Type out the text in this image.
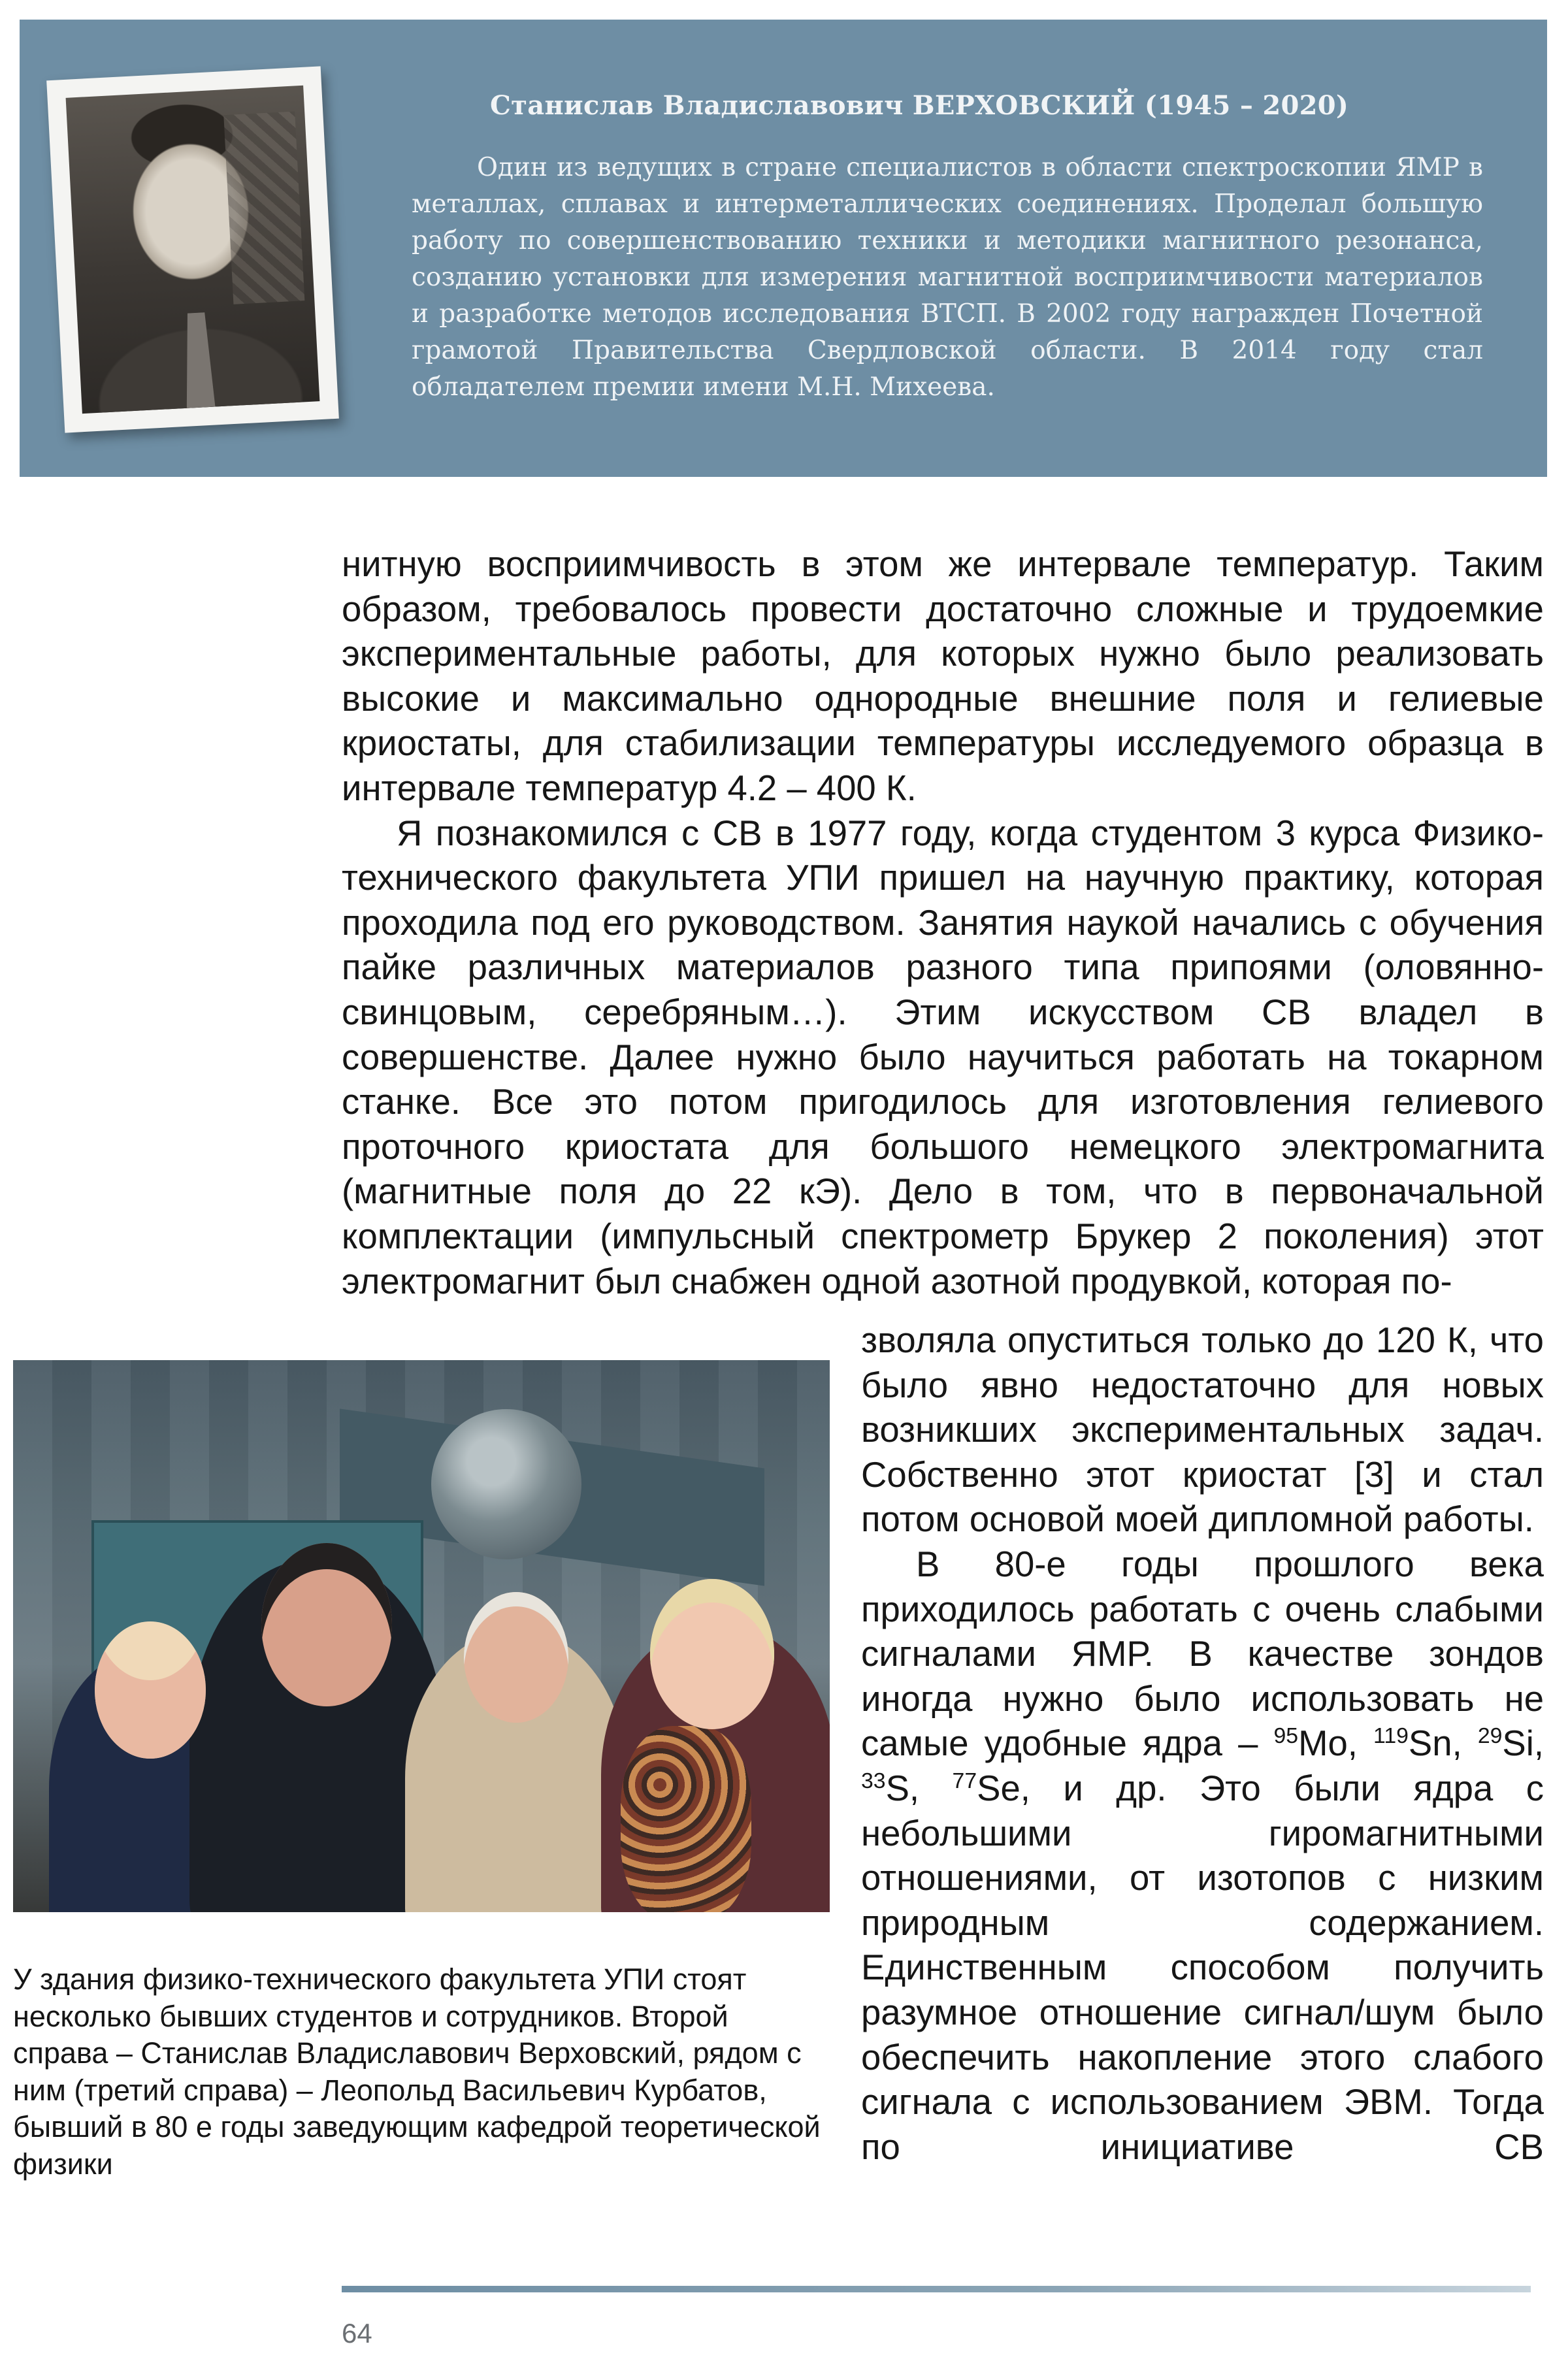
Станислав Владиславович ВЕРХОВСКИЙ (1945 – 2020)

Один из ведущих в стране специалистов в области спектроскопии ЯМР в металлах, сплавах и интерметаллических соединениях. Проделал большую работу по совершенствованию техники и методики магнитного резонанса, созданию установки для измерения магнитной восприимчивости материалов и разработке методов исследования ВТСП. В 2002 году награжден Почетной грамотой Правительства Свердловской области. В 2014 году стал обладателем премии имени М.Н. Михеева.

нитную восприимчивость в этом же интервале температур. Таким образом, требовалось провести достаточно сложные и трудоемкие экспериментальные работы, для которых нужно было реализовать высокие и максимально однородные внешние поля и гелиевые криостаты, для стабилизации температуры исследуемого образца в интервале температур 4.2 – 400 К.

Я познакомился с СВ в 1977 году, когда студентом 3 курса Физико-технического факультета УПИ пришел на научную практику, которая проходила под его руководством. Занятия наукой начались с обучения пайке различных материалов разного типа припоями (оловянно-свинцовым, серебряным…). Этим искусством СВ владел в совершенстве. Далее нужно было научиться работать на токарном станке. Все это потом пригодилось для изготовления гелиевого проточного криостата для большого немецкого электромагнита (магнитные поля до 22 кЭ). Дело в том, что в первоначальной комплектации (импульсный спектрометр Брукер 2 поколения) этот электромагнит был снабжен одной азотной продувкой, которая по-

У здания физико-технического факультета УПИ стоят несколько бывших студентов и сотрудников. Второй справа – Станислав Владиславович Верховский, рядом с ним (третий справа) – Леопольд Васильевич Курбатов, бывший в 80 е годы заведующим кафедрой теоретической физики

зволяла опуститься только до 120 К, что было явно недостаточно для новых возникших экспериментальных задач. Собственно этот криостат [3] и стал потом основой моей дипломной работы.

В 80-е годы прошлого века приходилось работать с очень слабыми сигналами ЯМР. В качестве зондов иногда нужно было использовать не самые удобные ядра – $^{95}$Mo, $^{119}$Sn, $^{29}$Si, $^{33}$S, $^{77}$Se, и др. Это были ядра с небольшими гиромагнитными отношениями, от изотопов с низким природным содержанием. Единственным способом получить разумное отношение сигнал/шум было обеспечить накопление этого слабого сигнала с использованием ЭВМ. Тогда по инициативе СВ

64
